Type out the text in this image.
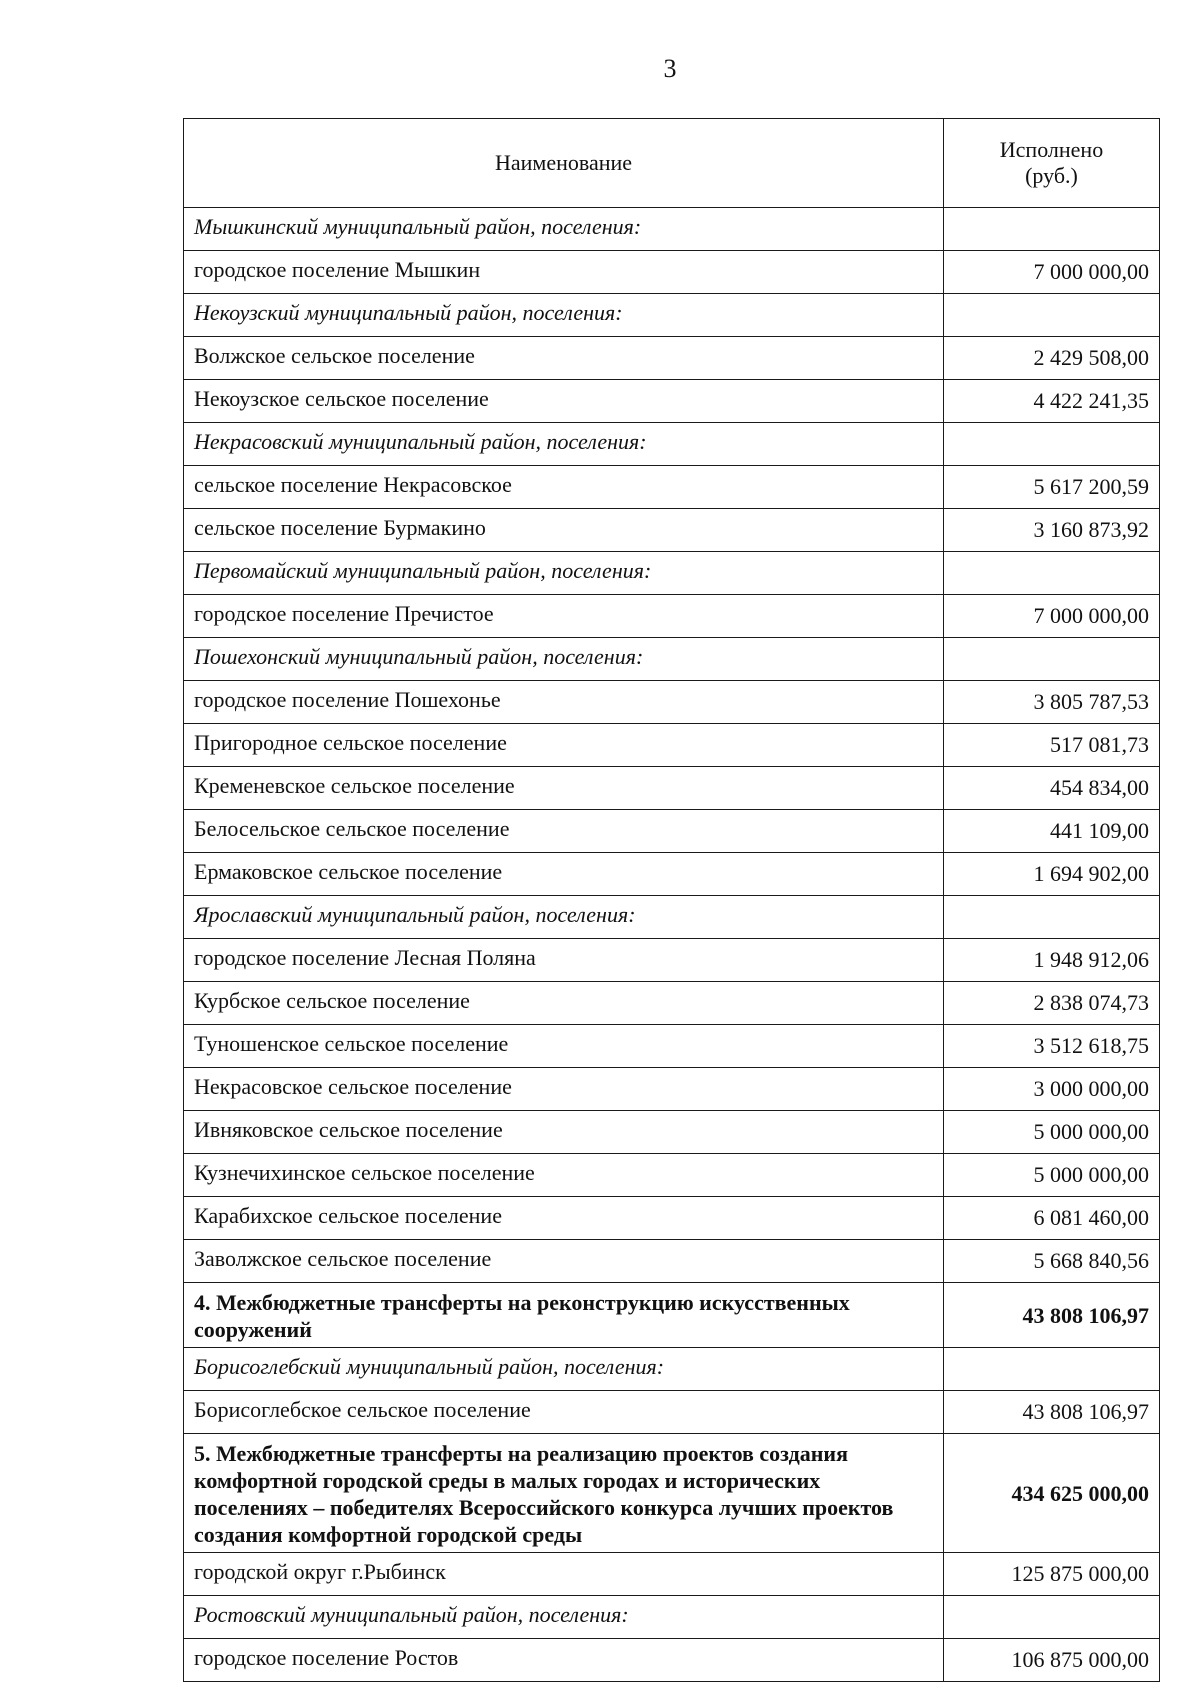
3
Наименование	Исполнено
(руб.)
Мышкинский муниципальный район, поселения:	
городское поселение Мышкин	7 000 000,00
Некоузский муниципальный район, поселения:	
Волжское сельское поселение	2 429 508,00
Некоузское сельское поселение	4 422 241,35
Некрасовский муниципальный район, поселения:	
сельское поселение Некрасовское	5 617 200,59
сельское поселение Бурмакино	3 160 873,92
Первомайский муниципальный район, поселения:	
городское поселение Пречистое	7 000 000,00
Пошехонский муниципальный район, поселения:	
городское поселение Пошехонье	3 805 787,53
Пригородное сельское поселение	517 081,73
Кременевское сельское поселение	454 834,00
Белосельское сельское поселение	441 109,00
Ермаковское сельское поселение	1 694 902,00
Ярославский муниципальный район, поселения:	
городское поселение Лесная Поляна	1 948 912,06
Курбское сельское поселение	2 838 074,73
Туношенское сельское поселение	3 512 618,75
Некрасовское сельское поселение	3 000 000,00
Ивняковское сельское поселение	5 000 000,00
Кузнечихинское сельское поселение	5 000 000,00
Карабихское сельское поселение	6 081 460,00
Заволжское сельское поселение	5 668 840,56
4. Межбюджетные трансферты на реконструкцию искусственных сооружений	43 808 106,97
Борисоглебский муниципальный район, поселения:	
Борисоглебское сельское поселение	43 808 106,97
5. Межбюджетные трансферты на реализацию проектов создания комфортной городской среды в малых городах и исторических поселениях – победителях Всероссийского конкурса лучших проектов создания комфортной городской среды	434 625 000,00
городской округ г.Рыбинск	125 875 000,00
Ростовский муниципальный район, поселения:	
городское поселение Ростов	106 875 000,00
